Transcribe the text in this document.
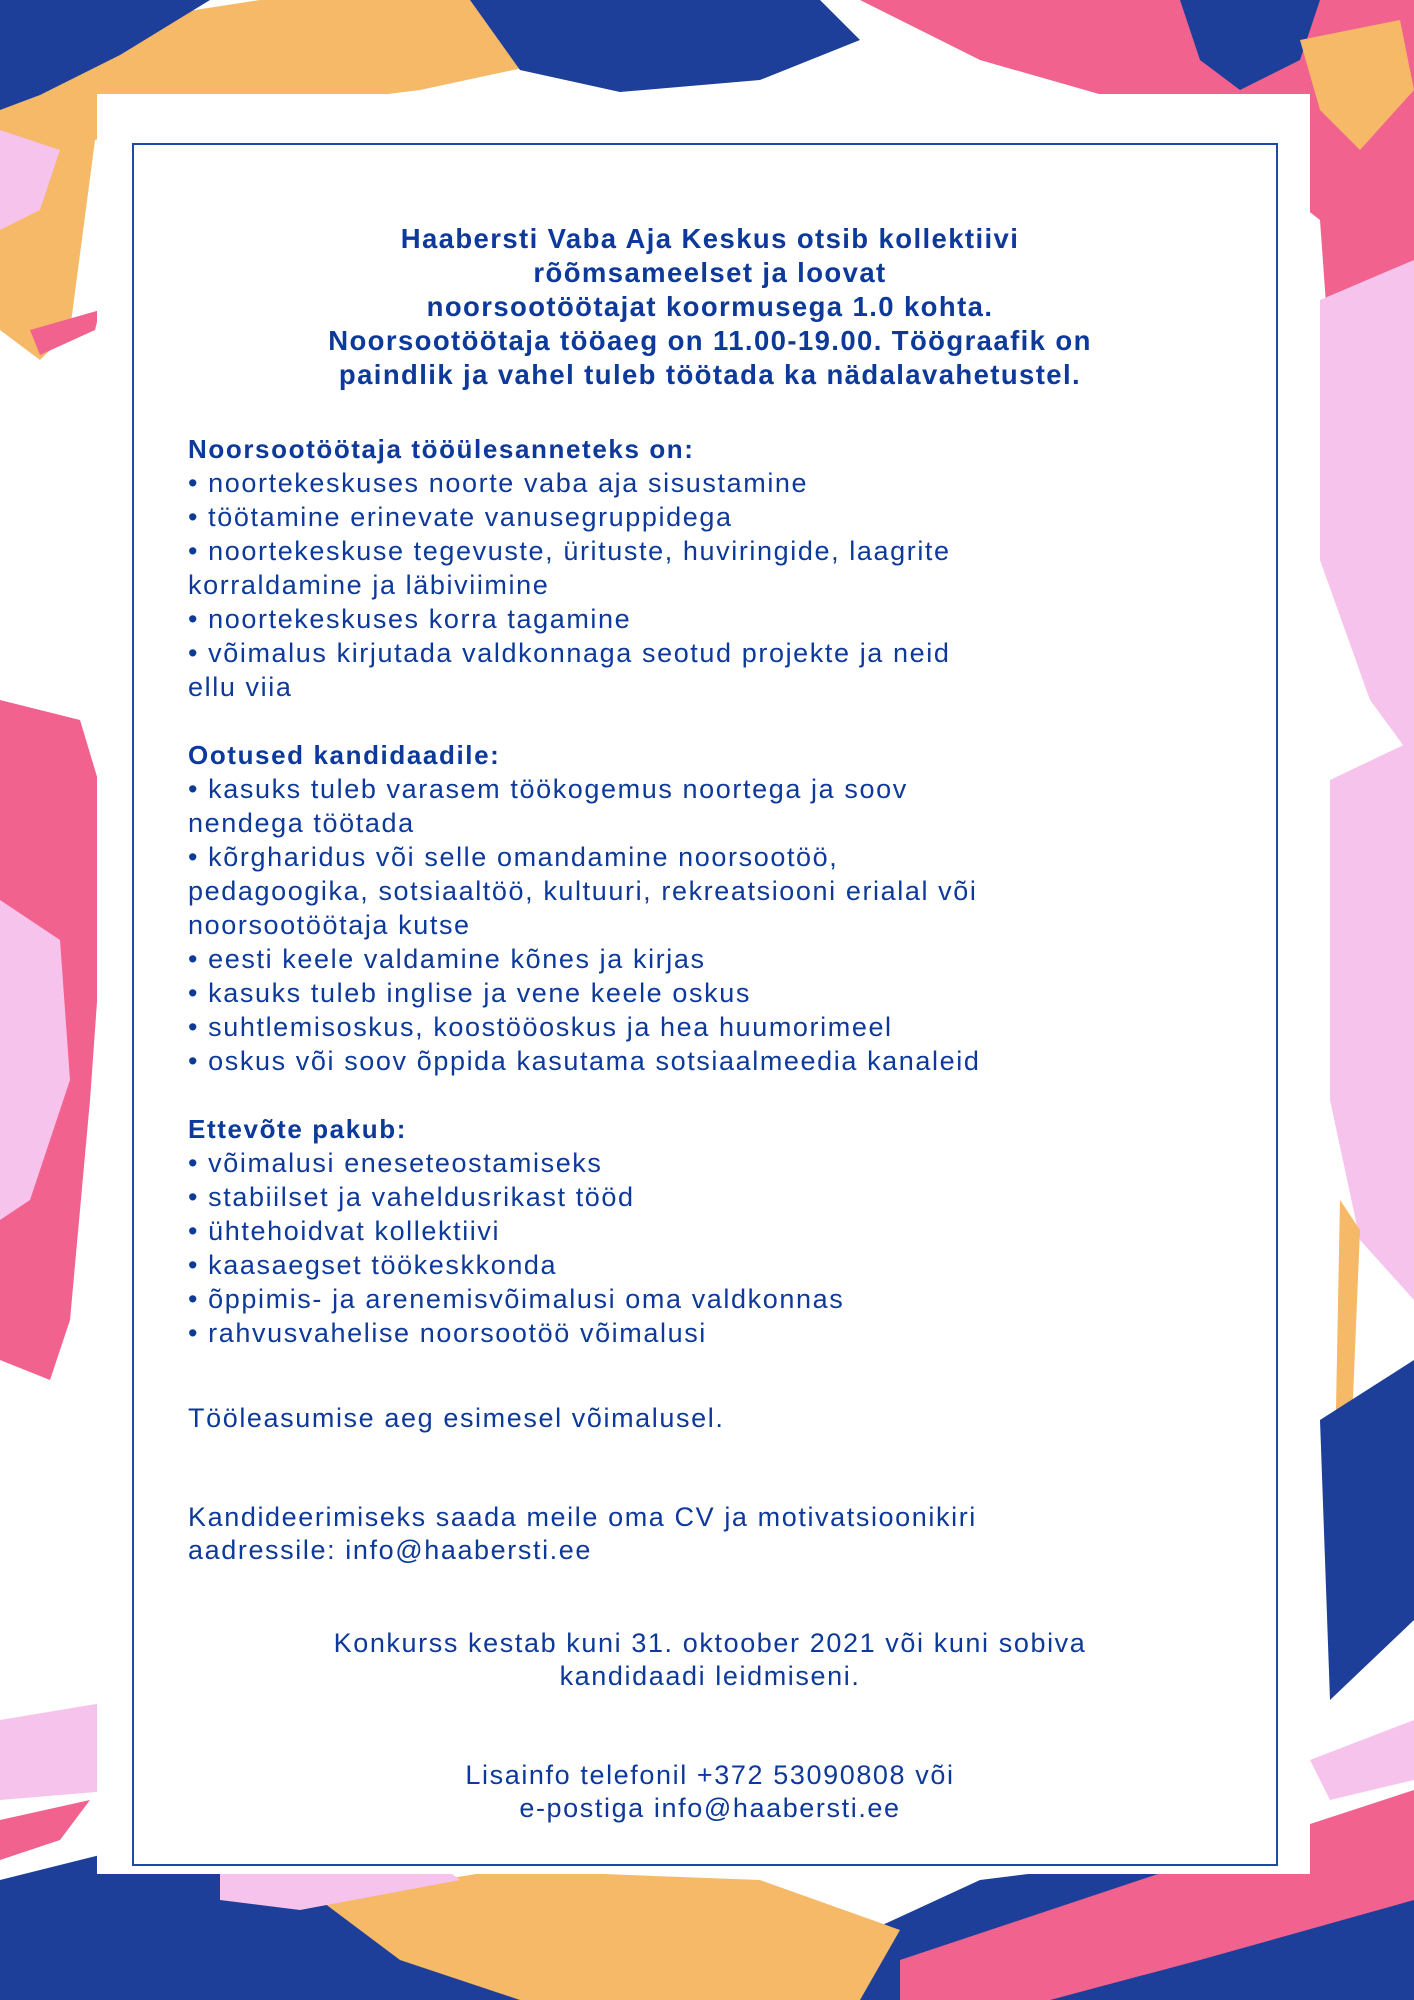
Haabersti Vaba Aja Keskus otsib kollektiivi
rõõmsameelset ja loovat
noorsootöötajat koormusega 1.0 kohta.
Noorsootöötaja tööaeg on 11.00-19.00. Töögraafik on
paindlik ja vahel tuleb töötada ka nädalavahetustel.
Noorsootöötaja tööülesanneteks on:
• noortekeskuses noorte vaba aja sisustamine
• töötamine erinevate vanusegruppidega
• noortekeskuse tegevuste, ürituste, huviringide, laagrite
korraldamine ja läbiviimine
• noortekeskuses korra tagamine
• võimalus kirjutada valdkonnaga seotud projekte ja neid
ellu viia
Ootused kandidaadile:
• kasuks tuleb varasem töökogemus noortega ja soov
nendega töötada
• kõrgharidus või selle omandamine noorsootöö,
pedagoogika, sotsiaaltöö, kultuuri, rekreatsiooni erialal või
noorsootöötaja kutse
• eesti keele valdamine kõnes ja kirjas
• kasuks tuleb inglise ja vene keele oskus
• suhtlemisoskus, koostööoskus ja hea huumorimeel
• oskus või soov õppida kasutama sotsiaalmeedia kanaleid
Ettevõte pakub:
• võimalusi eneseteostamiseks
• stabiilset ja vaheldusrikast tööd
• ühtehoidvat kollektiivi
• kaasaegset töökeskkonda
• õppimis- ja arenemisvõimalusi oma valdkonnas
• rahvusvahelise noorsootöö võimalusi
Tööleasumise aeg esimesel võimalusel.
Kandideerimiseks saada meile oma CV ja motivatsioonikiri
aadressile: info@haabersti.ee
Konkurss kestab kuni 31. oktoober 2021 või kuni sobiva
kandidaadi leidmiseni.
Lisainfo telefonil +372 53090808 või
e-postiga info@haabersti.ee
